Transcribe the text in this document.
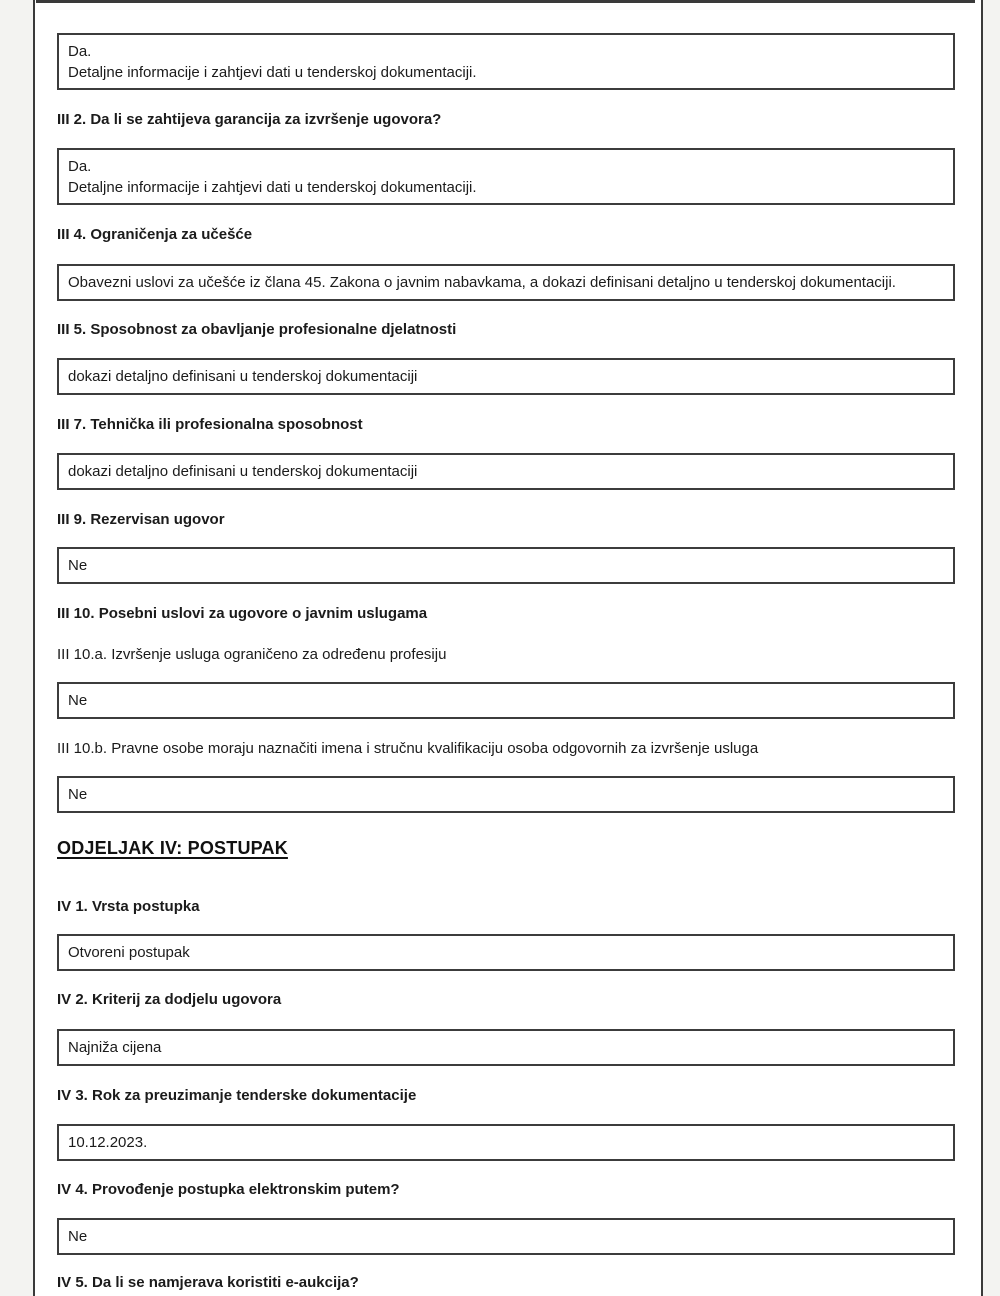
Da.
Detaljne informacije i zahtjevi dati u tenderskoj dokumentaciji.
III 2. Da li se zahtijeva garancija za izvršenje ugovora?
Da.
Detaljne informacije i zahtjevi dati u tenderskoj dokumentaciji.
III 4. Ograničenja za učešće
Obavezni uslovi za učešće iz člana 45. Zakona o javnim nabavkama, a dokazi definisani detaljno u tenderskoj dokumentaciji.
III 5. Sposobnost za obavljanje profesionalne djelatnosti
dokazi detaljno definisani u tenderskoj dokumentaciji
III 7. Tehnička ili profesionalna sposobnost
dokazi detaljno definisani u tenderskoj dokumentaciji
III 9. Rezervisan ugovor
Ne
III 10. Posebni uslovi za ugovore o javnim uslugama
III 10.a. Izvršenje usluga ograničeno za određenu profesiju
Ne
III 10.b. Pravne osobe moraju naznačiti imena i stručnu kvalifikaciju osoba odgovornih za izvršenje usluga
Ne
ODJELJAK IV: POSTUPAK
IV 1. Vrsta postupka
Otvoreni postupak
IV 2. Kriterij za dodjelu ugovora
Najniža cijena
IV 3. Rok za preuzimanje tenderske dokumentacije
10.12.2023.
IV 4. Provođenje postupka elektronskim putem?
Ne
IV 5. Da li se namjerava koristiti e-aukcija?
